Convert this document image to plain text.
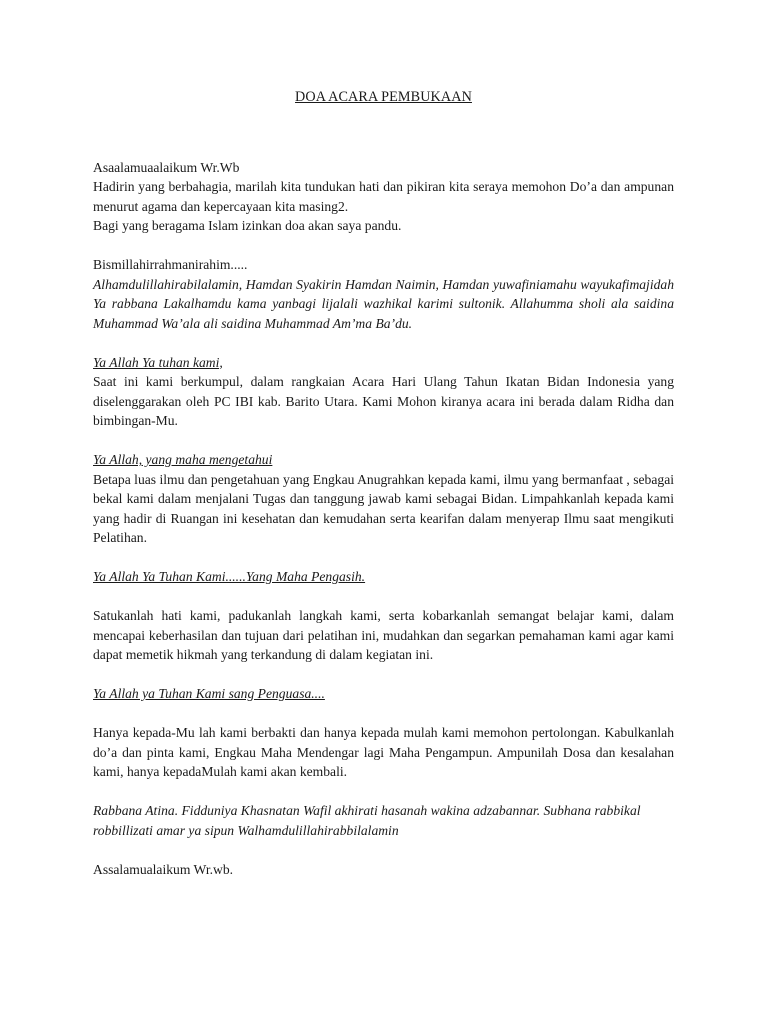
DOA ACARA PEMBUKAAN

Asaalamuaalaikum Wr.Wb

Hadirin yang berbahagia, marilah kita tundukan hati dan pikiran kita seraya memohon Do’a dan ampunan menurut agama dan kepercayaan kita masing2.

Bagi yang beragama Islam izinkan doa akan saya pandu.

Bismillahirrahmanirahim.....

Alhamdulillahirabilalamin, Hamdan Syakirin Hamdan Naimin, Hamdan yuwafiniamahu wayukafimajidah Ya rabbana Lakalhamdu kama yanbagi lijalali wazhikal karimi sultonik. Allahumma sholi ala saidina Muhammad Wa’ala ali saidina Muhammad Am’ma Ba’du.

Ya Allah Ya tuhan kami,

Saat ini kami berkumpul, dalam rangkaian Acara Hari Ulang Tahun Ikatan Bidan Indonesia yang diselenggarakan oleh PC IBI kab. Barito Utara. Kami Mohon kiranya acara ini berada dalam Ridha dan bimbingan-Mu.

Ya Allah, yang maha mengetahui

Betapa luas ilmu dan pengetahuan yang Engkau Anugrahkan kepada kami, ilmu yang bermanfaat , sebagai bekal kami dalam menjalani Tugas dan tanggung jawab kami sebagai Bidan. Limpahkanlah kepada kami yang hadir di Ruangan ini kesehatan dan kemudahan serta kearifan dalam menyerap Ilmu saat mengikuti Pelatihan.

Ya Allah Ya Tuhan Kami......Yang Maha Pengasih.

Satukanlah hati kami, padukanlah langkah kami, serta kobarkanlah semangat belajar kami, dalam mencapai keberhasilan dan tujuan dari pelatihan ini, mudahkan dan segarkan pemahaman kami agar kami dapat memetik hikmah yang terkandung di dalam kegiatan ini.

Ya Allah ya Tuhan Kami sang Penguasa....

Hanya kepada-Mu lah kami berbakti dan hanya kepada mulah kami memohon pertolongan. Kabulkanlah do’a dan pinta kami, Engkau Maha Mendengar lagi Maha Pengampun. Ampunilah Dosa dan kesalahan kami, hanya kepadaMulah kami akan kembali.

Rabbana Atina. Fidduniya Khasnatan Wafil akhirati hasanah wakina adzabannar. Subhana rabbikal robbillizati amar ya sipun Walhamdulillahirabbilalamin

Assalamualaikum Wr.wb.
